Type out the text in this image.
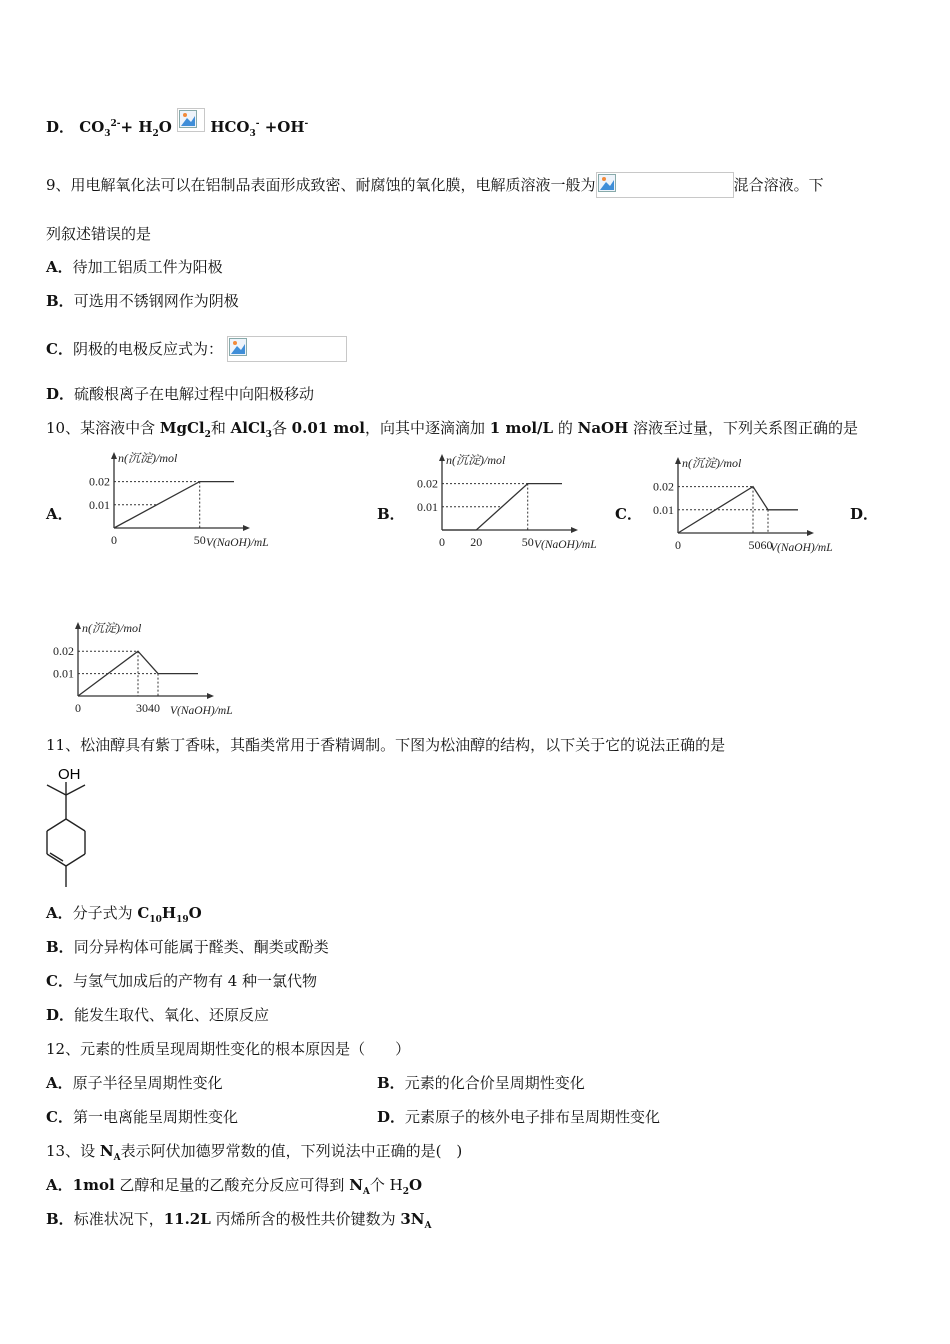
D． $CO_3^{2-}+ H_2O$	$HCO_3^- +OH^-$
9、用电解氧化法可以在铝制品表面形成致密、耐腐蚀的氧化膜，电解质溶液一般为	混合溶液。下
列叙述错误的是
A．待加工铝质工件为阳极
B．可选用不锈钢网作为阴极
C．阴极的电极反应式为：
D．硫酸根离子在电解过程中向阳极移动
10、某溶液中含 MgCl$_2$和 AlCl$_3$各 0.01 mol，向其中逐滴滴加 1 mol/L 的 NaOH 溶液至过量，下列关系图正确的是
A．	B．	C．	D．
n(沉淀)/mol
V(NaOH)/mL
0.02
0.01
0	50
n(沉淀)/mol
V(NaOH)/mL
0.02
0.01
0 20	50
n(沉淀)/mol
V(NaOH)/mL
0.02
0.01
0	5060
n(沉淀)/mol
V(NaOH)/mL
0.02
0.01
0	3040
11、松油醇具有紫丁香味，其酯类常用于香精调制。下图为松油醇的结构，以下关于它的说法正确的是
OH
A．分子式为 $C_{10}H_{19}O$
B．同分异构体可能属于醛类、酮类或酚类
C．与氢气加成后的产物有 4 种一氯代物
D．能发生取代、氧化、还原反应
12、元素的性质呈现周期性变化的根本原因是（　　）
A．原子半径呈周期性变化	B．元素的化合价呈周期性变化
C．第一电离能呈周期性变化	D．元素原子的核外电子排布呈周期性变化
13、设 $N_A$表示阿伏加德罗常数的值，下列说法中正确的是(　)
A．1mol 乙醇和足量的乙酸充分反应可得到 $N_A$个 $H_2O$
B．标准状况下，11.2L 丙烯所含的极性共价键数为 $3N_A$
